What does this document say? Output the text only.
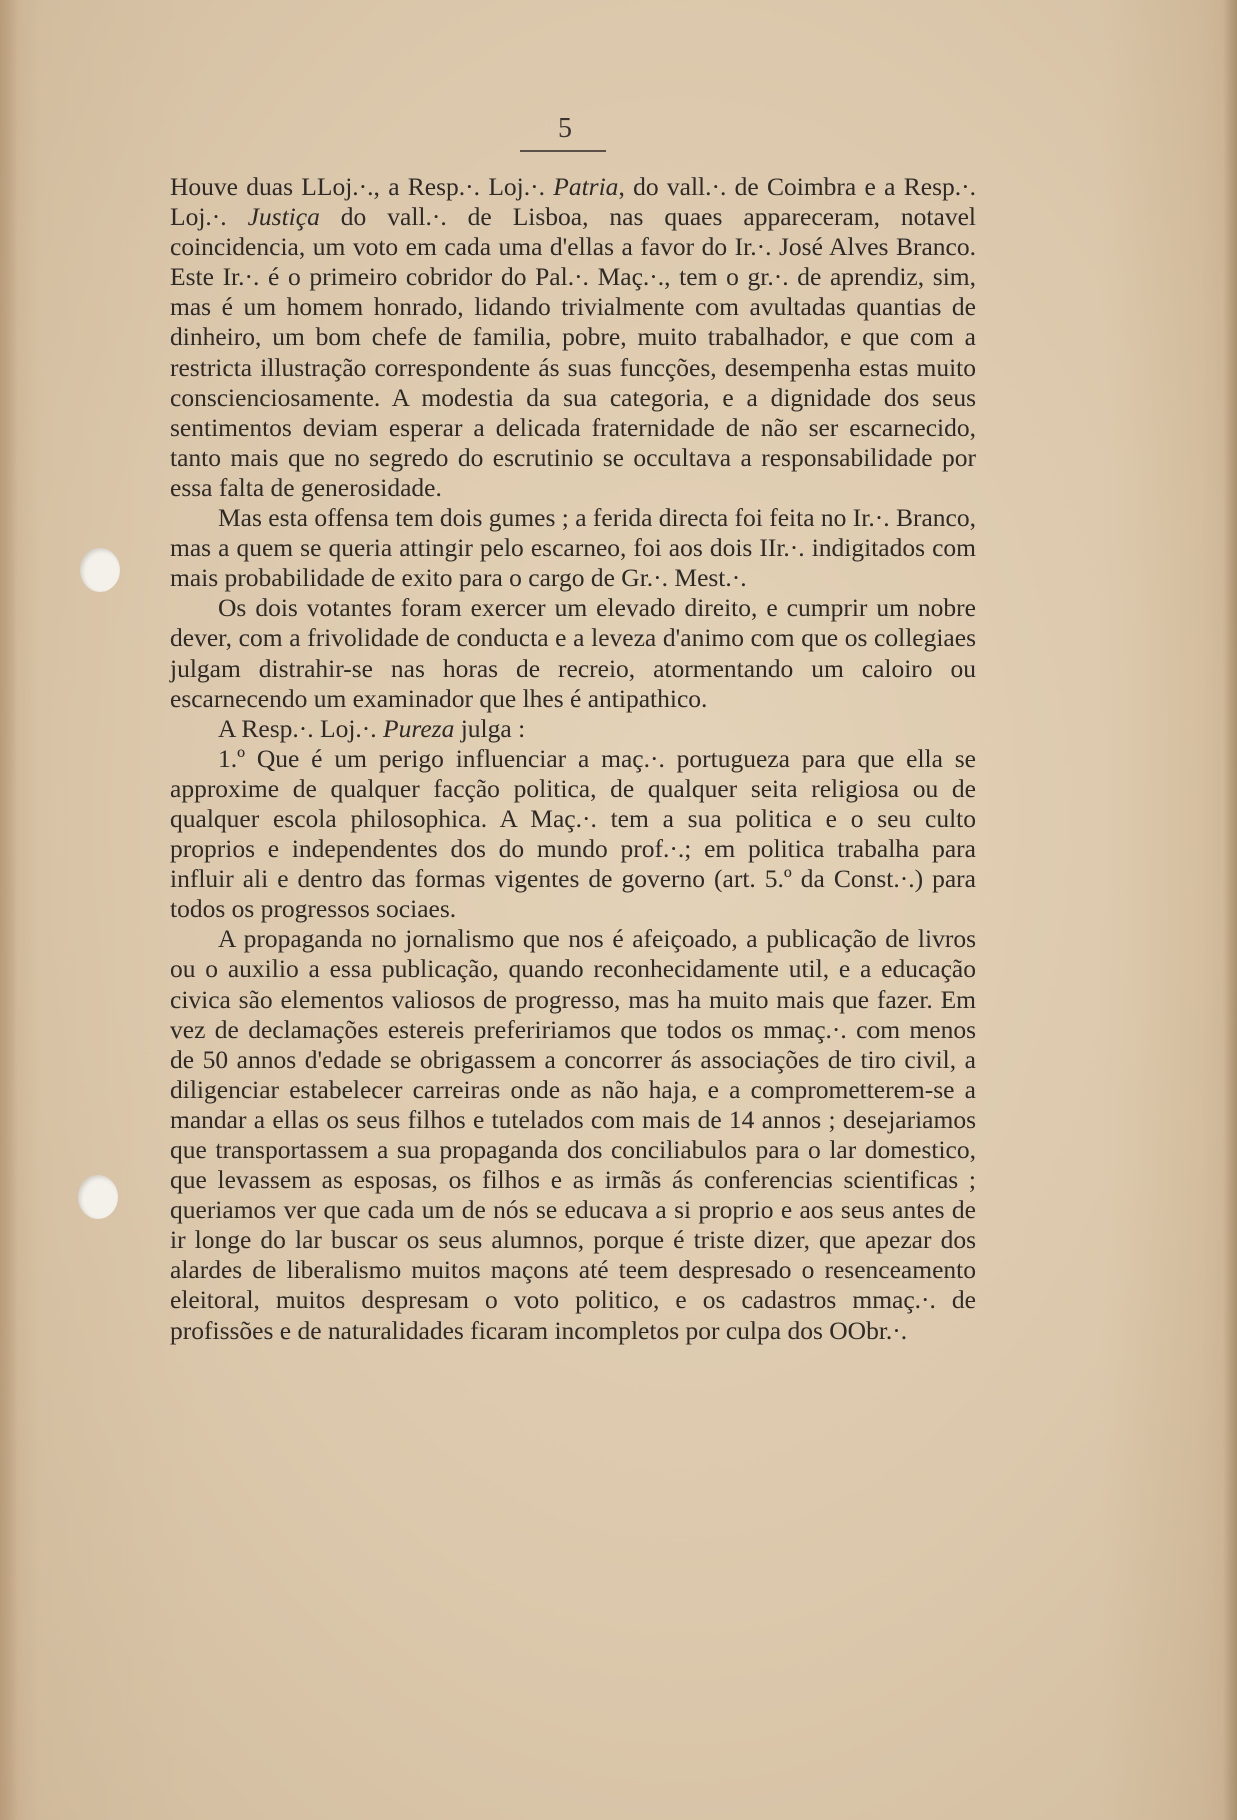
5

Houve duas LLoj.·., a Resp.·. Loj.·. Patria, do vall.·. de Coimbra e a Resp.·. Loj.·. Justiça do vall.·. de Lisboa, nas quaes appareceram, notavel coincidencia, um voto em cada uma d'ellas a favor do Ir.·. José Alves Branco. Este Ir.·. é o primeiro cobridor do Pal.·. Maç.·., tem o gr.·. de aprendiz, sim, mas é um homem honrado, lidando trivialmente com avultadas quantias de dinheiro, um bom chefe de familia, pobre, muito trabalhador, e que com a restricta illustração correspondente ás suas funcções, desempenha estas muito conscienciosamente. A modestia da sua categoria, e a dignidade dos seus sentimentos deviam esperar a delicada fraternidade de não ser escarnecido, tanto mais que no segredo do escrutinio se occultava a responsabilidade por essa falta de generosidade.

Mas esta offensa tem dois gumes ; a ferida directa foi feita no Ir.·. Branco, mas a quem se queria attingir pelo escarneo, foi aos dois IIr.·. indigitados com mais probabilidade de exito para o cargo de Gr.·. Mest.·.

Os dois votantes foram exercer um elevado direito, e cumprir um nobre dever, com a frivolidade de conducta e a leveza d'animo com que os collegiaes julgam distrahir-se nas horas de recreio, atormentando um caloiro ou escarnecendo um examinador que lhes é antipathico.

A Resp.·. Loj.·. Pureza julga :

1.º Que é um perigo influenciar a maç.·. portugueza para que ella se approxime de qualquer facção politica, de qualquer seita religiosa ou de qualquer escola philosophica. A Maç.·. tem a sua politica e o seu culto proprios e independentes dos do mundo prof.·.; em politica trabalha para influir ali e dentro das formas vigentes de governo (art. 5.º da Const.·.) para todos os progressos sociaes.

A propaganda no jornalismo que nos é afeiçoado, a publicação de livros ou o auxilio a essa publicação, quando reconhecidamente util, e a educação civica são elementos valiosos de progresso, mas ha muito mais que fazer. Em vez de declamações estereis prefeririamos que todos os mmaç.·. com menos de 50 annos d'edade se obrigassem a concorrer ás associações de tiro civil, a diligenciar estabelecer carreiras onde as não haja, e a comprometterem-se a mandar a ellas os seus filhos e tutelados com mais de 14 annos ; desejariamos que transportassem a sua propaganda dos conciliabulos para o lar domestico, que levassem as esposas, os filhos e as irmãs ás conferencias scientificas ; queriamos ver que cada um de nós se educava a si proprio e aos seus antes de ir longe do lar buscar os seus alumnos, porque é triste dizer, que apezar dos alardes de liberalismo muitos maçons até teem despresado o resenceamento eleitoral, muitos despresam o voto politico, e os cadastros mmaç.·. de profissões e de naturalidades ficaram incompletos por culpa dos OObr.·.
